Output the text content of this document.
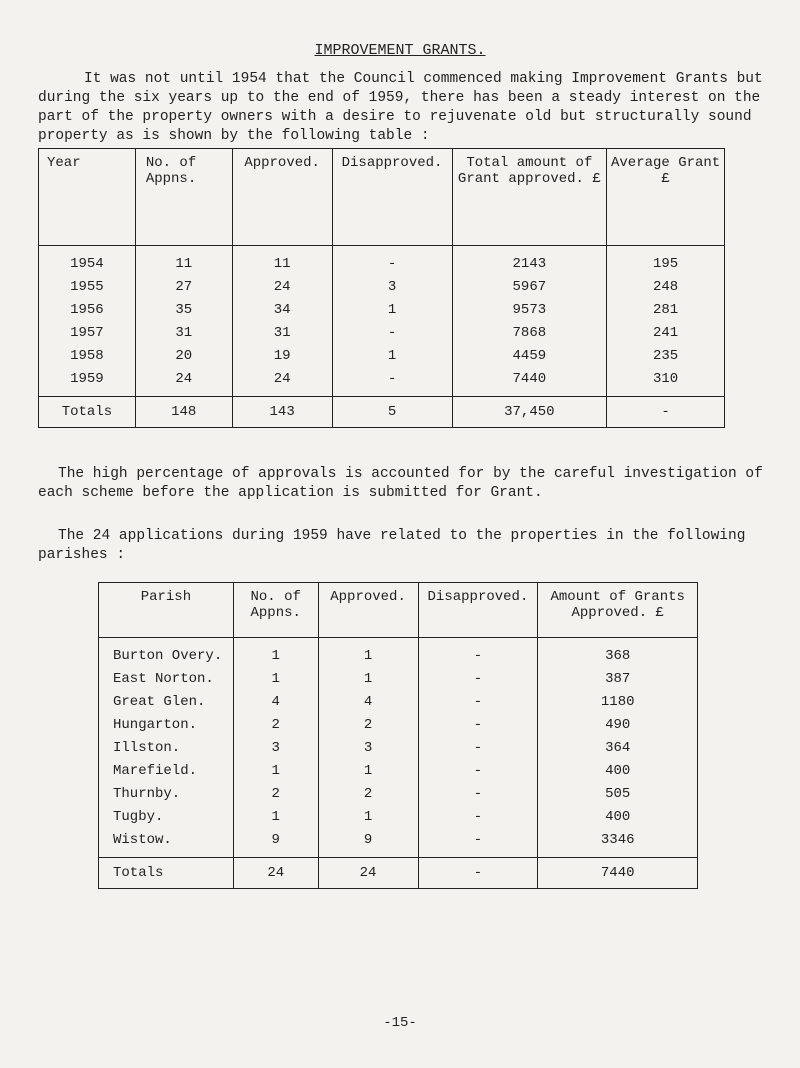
IMPROVEMENT GRANTS.
It was not until 1954 that the Council commenced making Improvement Grants but during the six years up to the end of 1959, there has been a steady interest on the part of the property owners with a desire to rejuvenate old but structurally sound property as is shown by the following table :
Year	No. of Appns.	Approved.	Disapproved.	Total amount of Grant approved. £	Average Grant £
1954	11	11	-	2143	195
1955	27	24	3	5967	248
1956	35	34	1	9573	281
1957	31	31	-	7868	241
1958	20	19	1	4459	235
1959	24	24	-	7440	310
Totals	148	143	5	37,450	-
The high percentage of approvals is accounted for by the careful investigation of each scheme before the application is submitted for Grant.
The 24 applications during 1959 have related to the properties in the following parishes :
Parish	No. of Appns.	Approved.	Disapproved.	Amount of Grants Approved. £
Burton Overy.	1	1	-	368
East Norton.	1	1	-	387
Great Glen.	4	4	-	1180
Hungarton.	2	2	-	490
Illston.	3	3	-	364
Marefield.	1	1	-	400
Thurnby.	2	2	-	505
Tugby.	1	1	-	400
Wistow.	9	9	-	3346
Totals	24	24	-	7440
-15-
